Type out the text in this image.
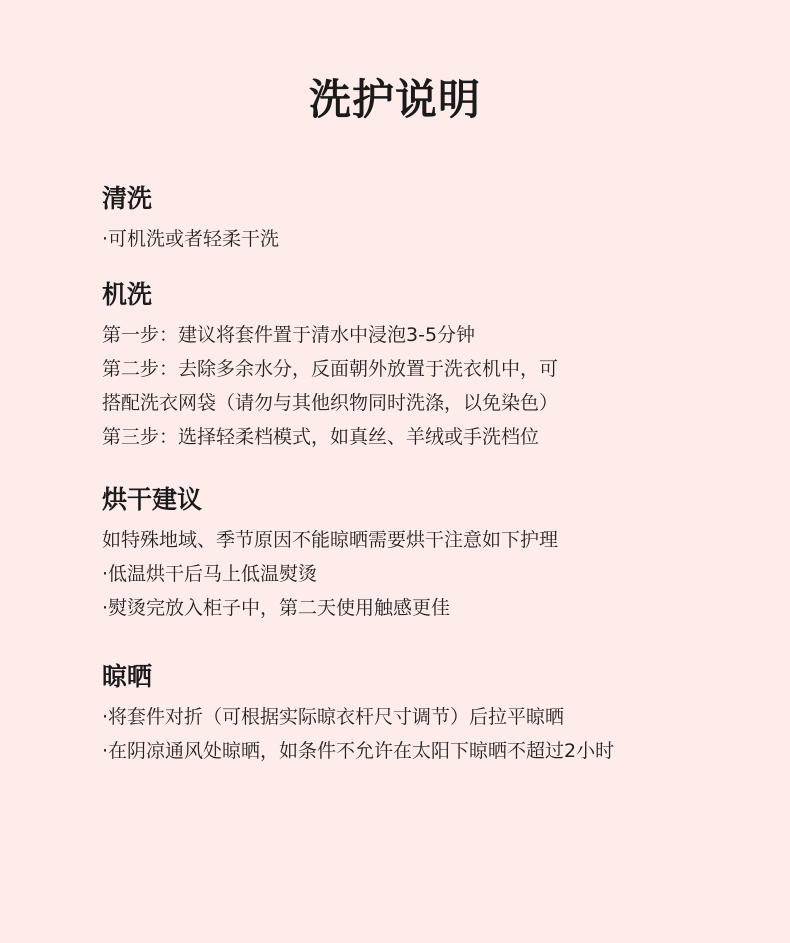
洗护说明
清洗

·可机洗或者轻柔干洗

机洗

第一步：建议将套件置于清水中浸泡3-5分钟

第二步：去除多余水分，反面朝外放置于洗衣机中，可

搭配洗衣网袋（请勿与其他织物同时洗涤，以免染色）

第三步：选择轻柔档模式，如真丝、羊绒或手洗档位

烘干建议

如特殊地域、季节原因不能晾晒需要烘干注意如下护理

·低温烘干后马上低温熨烫

·熨烫完放入柜子中，第二天使用触感更佳

晾晒

·将套件对折（可根据实际晾衣杆尺寸调节）后拉平晾晒

·在阴凉通风处晾晒，如条件不允许在太阳下晾晒不超过2小时
